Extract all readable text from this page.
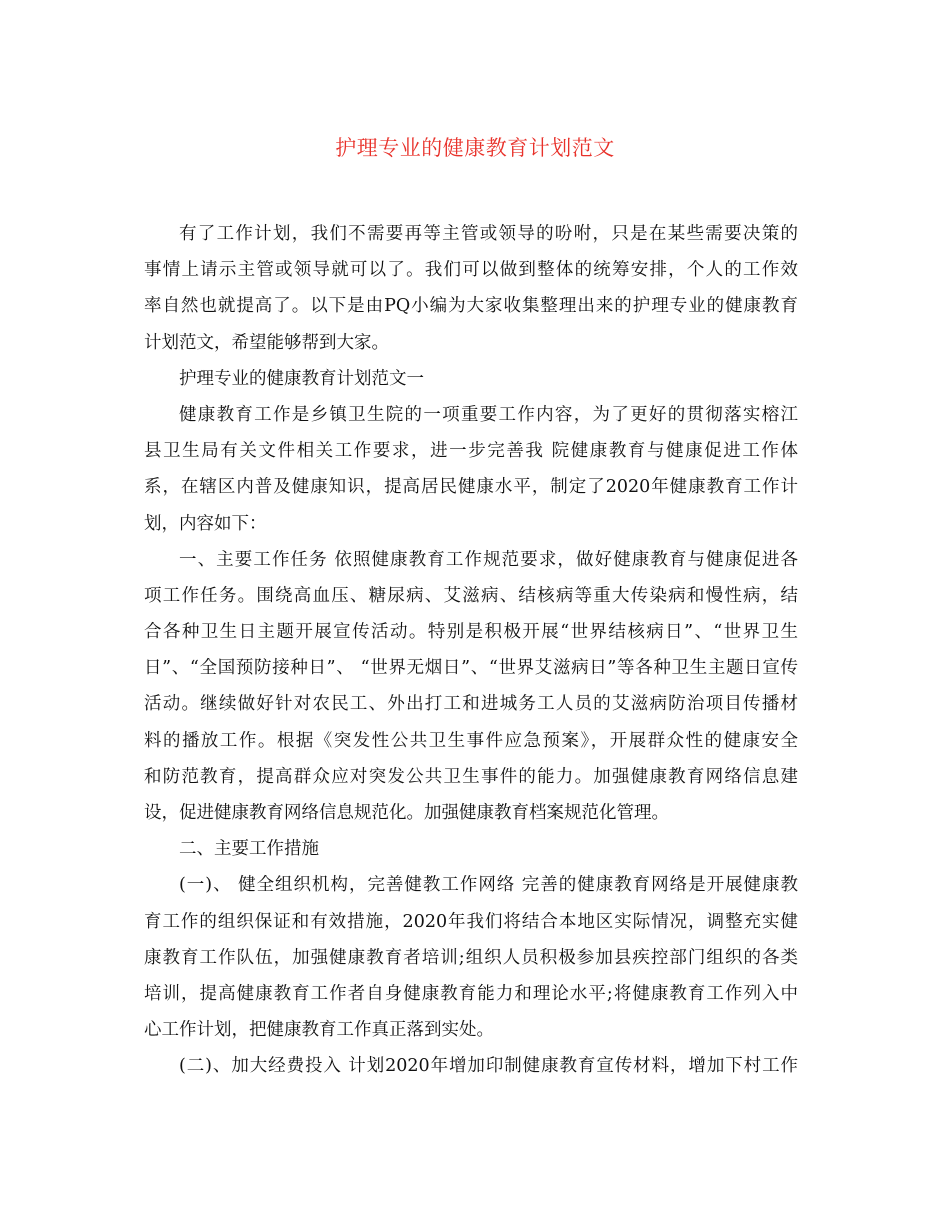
护理专业的健康教育计划范文
有了工作计划，我们不需要再等主管或领导的吩咐，只是在某些需要决策的
事情上请示主管或领导就可以了。我们可以做到整体的统筹安排，个人的工作效
率自然也就提高了。以下是由PQ小编为大家收集整理出来的护理专业的健康教育
计划范文，希望能够帮到大家。
护理专业的健康教育计划范文一
健康教育工作是乡镇卫生院的一项重要工作内容，为了更好的贯彻落实榕江
县卫生局有关文件相关工作要求，进一步完善我 院健康教育与健康促进工作体
系，在辖区内普及健康知识，提高居民健康水平，制定了2020年健康教育工作计
划，内容如下：
一、主要工作任务 依照健康教育工作规范要求，做好健康教育与健康促进各
项工作任务。围绕高血压、糖尿病、艾滋病、结核病等重大传染病和慢性病，结
合各种卫生日主题开展宣传活动。特别是积极开展“世界结核病日”、“世界卫生
日”、“全国预防接种日”、 “世界无烟日”、“世界艾滋病日”等各种卫生主题日宣传
活动。继续做好针对农民工、外出打工和进城务工人员的艾滋病防治项目传播材
料的播放工作。根据《突发性公共卫生事件应急预案》，开展群众性的健康安全
和防范教育，提高群众应对突发公共卫生事件的能力。加强健康教育网络信息建
设，促进健康教育网络信息规范化。加强健康教育档案规范化管理。
二、主要工作措施
(一)、 健全组织机构，完善健教工作网络 完善的健康教育网络是开展健康教
育工作的组织保证和有效措施，2020年我们将结合本地区实际情况，调整充实健
康教育工作队伍，加强健康教育者培训;组织人员积极参加县疾控部门组织的各类
培训，提高健康教育工作者自身健康教育能力和理论水平;将健康教育工作列入中
心工作计划，把健康教育工作真正落到实处。
(二)、加大经费投入 计划2020年增加印制健康教育宣传材料，增加下村工作
